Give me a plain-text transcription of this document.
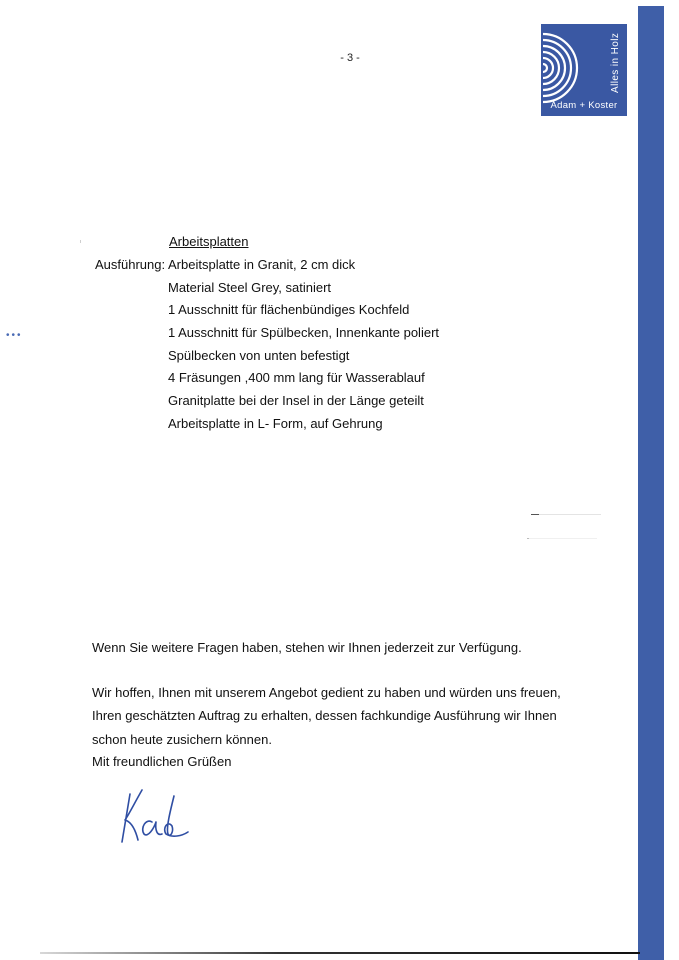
- 3 -	Alles in Holz
Adam + Koster
Arbeitsplatten
Ausführung: Arbeitsplatte in Granit, 2 cm dick
Material Steel Grey, satiniert
1 Ausschnitt für flächenbündiges Kochfeld
1 Ausschnitt für Spülbecken, Innenkante poliert
Spülbecken von unten befestigt
4 Fräsungen ,400 mm lang für Wasserablauf
Granitplatte bei der Insel in der Länge geteilt
Arbeitsplatte in L- Form, auf Gehrung
•••
Wenn Sie weitere Fragen haben, stehen wir Ihnen jederzeit zur Verfügung.
Wir hoffen, Ihnen mit unserem Angebot gedient zu haben und würden uns freuen,
Ihren geschätzten Auftrag zu erhalten, dessen fachkundige Ausführung wir Ihnen
schon heute zusichern können.
Mit freundlichen Grüßen
